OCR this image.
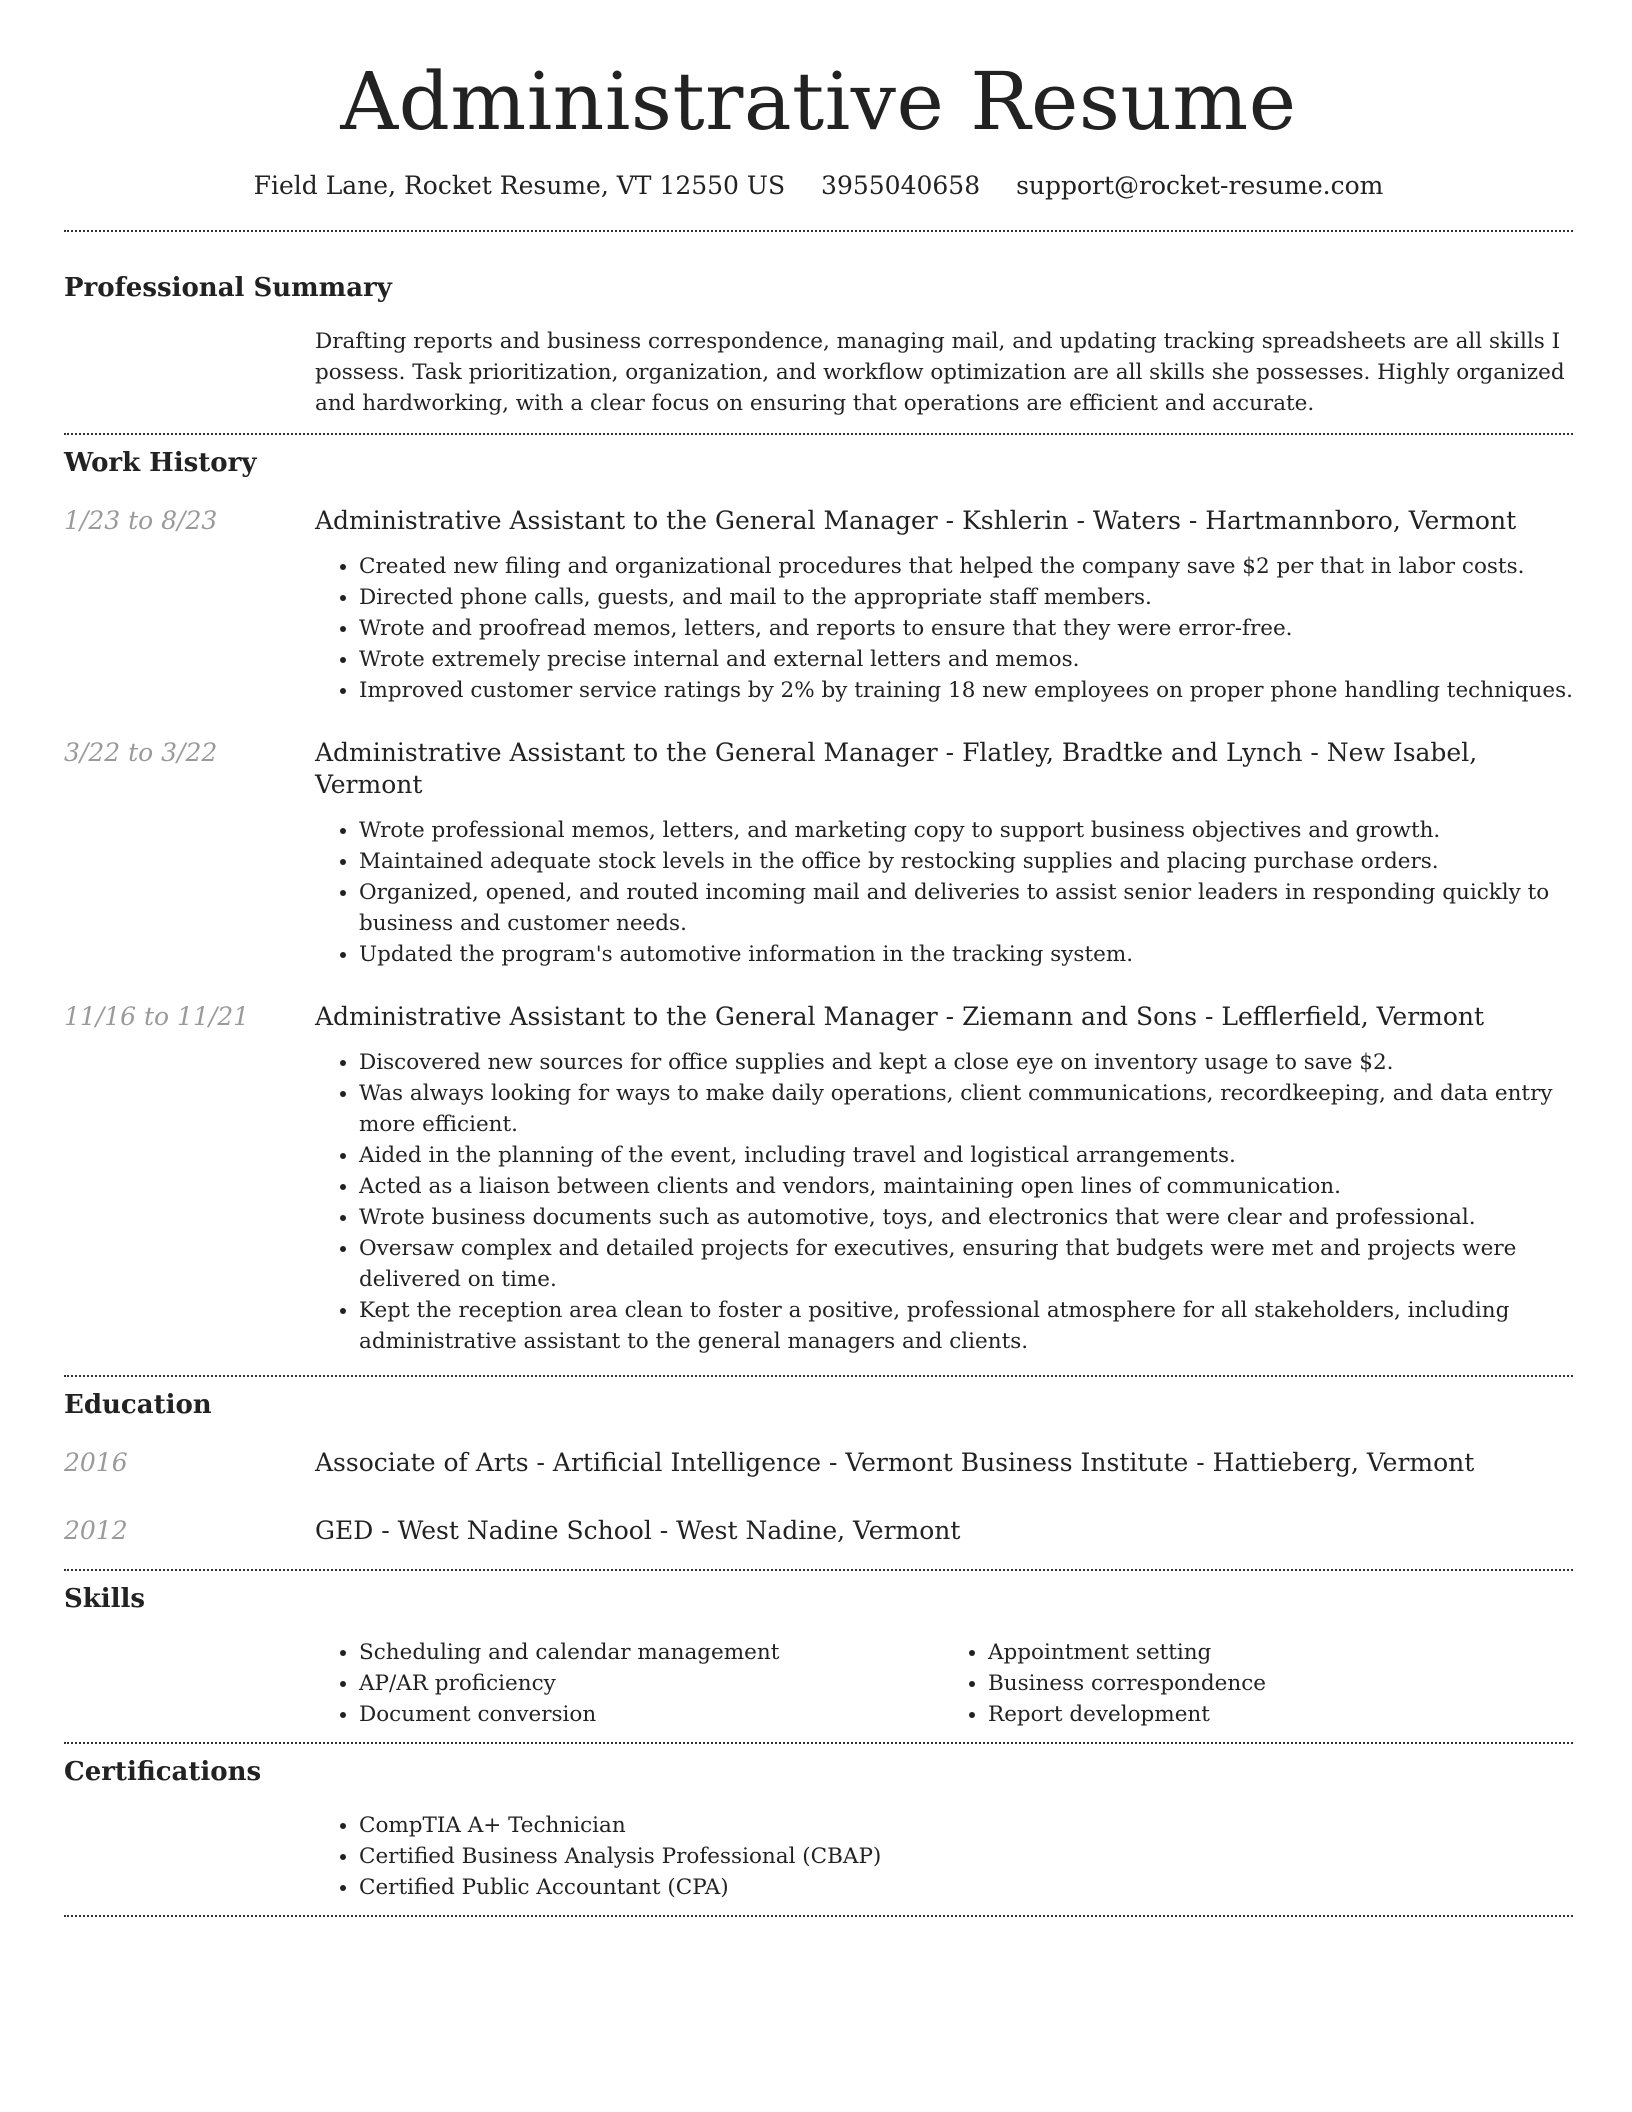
Administrative Resume
Field Lane, Rocket Resume, VT 12550 US 3955040658 support@rocket-resume.com
Professional Summary
Drafting reports and business correspondence, managing mail, and updating tracking spreadsheets are all skills I possess. Task prioritization, organization, and workflow optimization are all skills she possesses. Highly organized and hardworking, with a clear focus on ensuring that operations are efficient and accurate.
Work History
1/23 to 8/23	Administrative Assistant to the General Manager - Kshlerin - Waters - Hartmannboro, Vermont
• Created new filing and organizational procedures that helped the company save $2 per that in labor costs.
• Directed phone calls, guests, and mail to the appropriate staff members.
• Wrote and proofread memos, letters, and reports to ensure that they were error-free.
• Wrote extremely precise internal and external letters and memos.
• Improved customer service ratings by 2% by training 18 new employees on proper phone handling techniques.
3/22 to 3/22	Administrative Assistant to the General Manager - Flatley, Bradtke and Lynch - New Isabel, Vermont
• Wrote professional memos, letters, and marketing copy to support business objectives and growth.
• Maintained adequate stock levels in the office by restocking supplies and placing purchase orders.
• Organized, opened, and routed incoming mail and deliveries to assist senior leaders in responding quickly to business and customer needs.
• Updated the program's automotive information in the tracking system.
11/16 to 11/21	Administrative Assistant to the General Manager - Ziemann and Sons - Lefflerfield, Vermont
• Discovered new sources for office supplies and kept a close eye on inventory usage to save $2.
• Was always looking for ways to make daily operations, client communications, recordkeeping, and data entry more efficient.
• Aided in the planning of the event, including travel and logistical arrangements.
• Acted as a liaison between clients and vendors, maintaining open lines of communication.
• Wrote business documents such as automotive, toys, and electronics that were clear and professional.
• Oversaw complex and detailed projects for executives, ensuring that budgets were met and projects were delivered on time.
• Kept the reception area clean to foster a positive, professional atmosphere for all stakeholders, including administrative assistant to the general managers and clients.
Education
2016	Associate of Arts - Artificial Intelligence - Vermont Business Institute - Hattieberg, Vermont
2012	GED - West Nadine School - West Nadine, Vermont
Skills
• Scheduling and calendar management
• AP/AR proficiency
• Document conversion
• Appointment setting
• Business correspondence
• Report development
Certifications
• CompTIA A+ Technician
• Certified Business Analysis Professional (CBAP)
• Certified Public Accountant (CPA)
